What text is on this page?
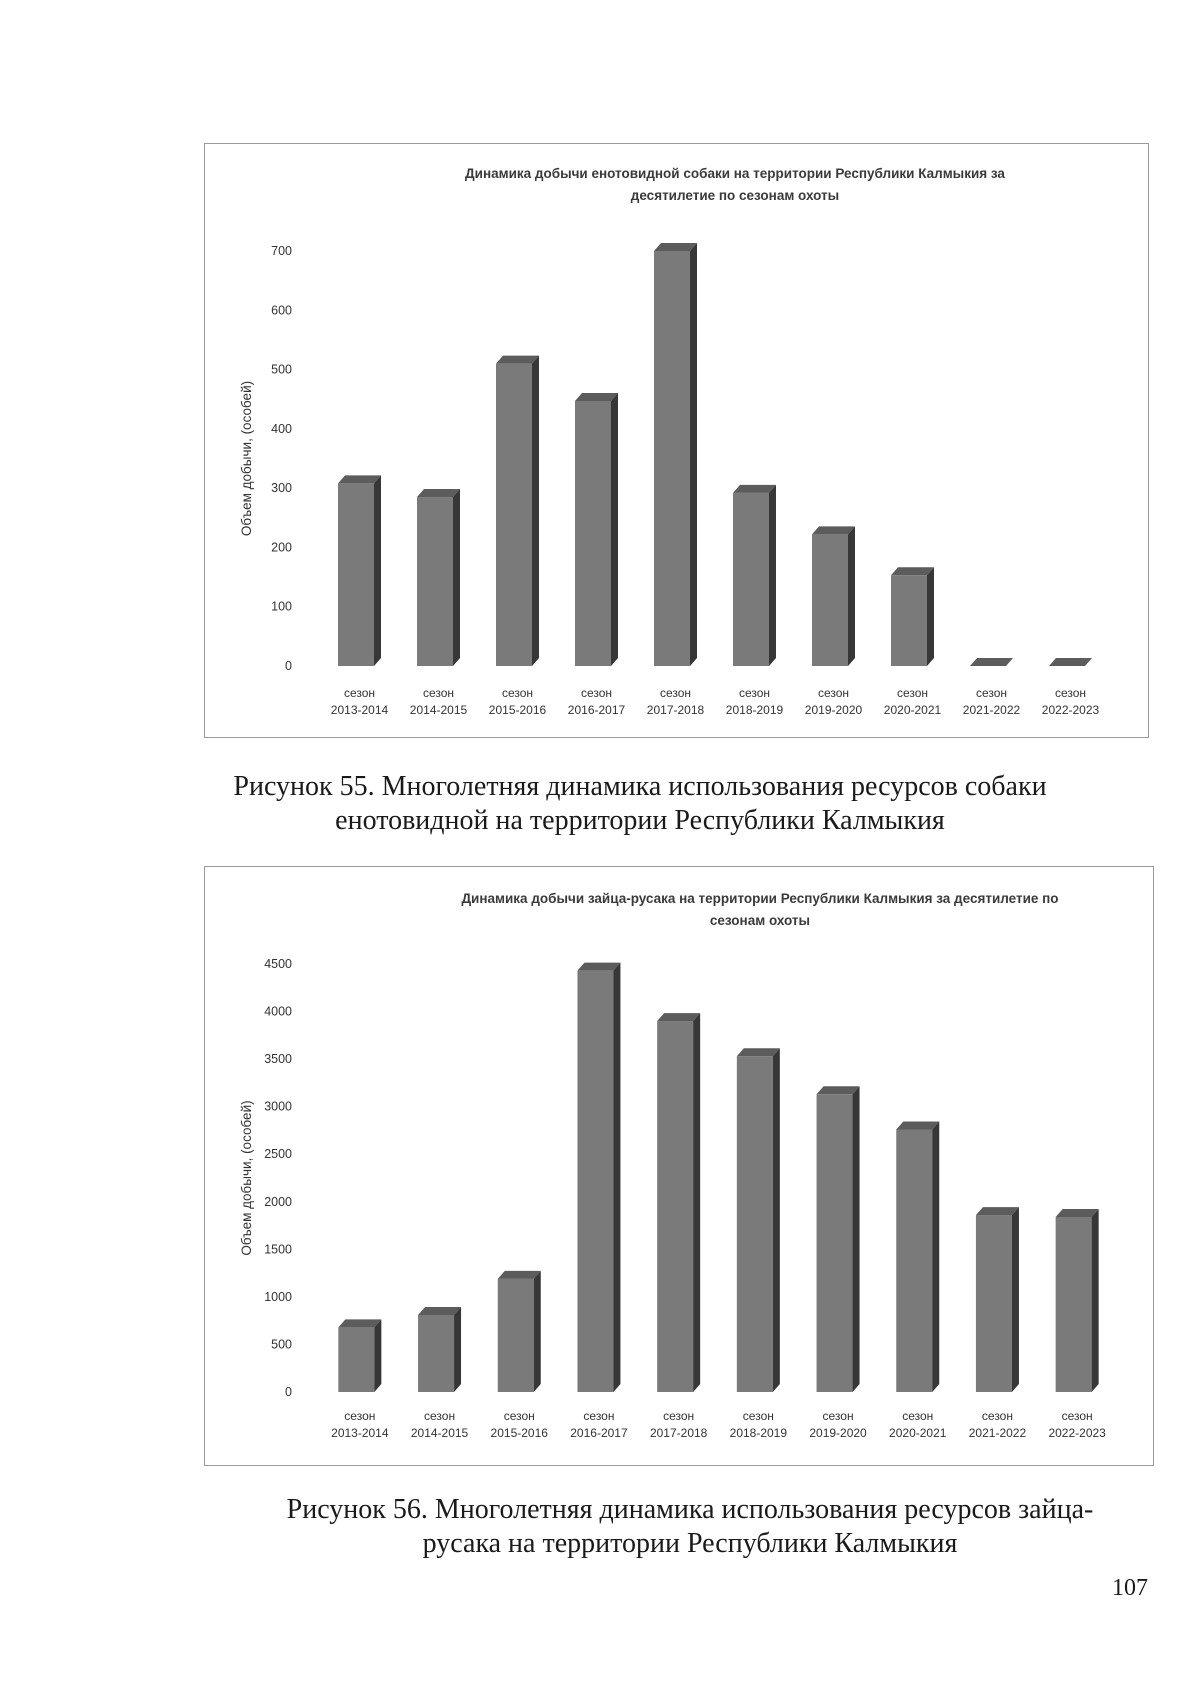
Динамика добычи енотовидной собаки на территории Республики Калмыкия за
десятилетие по сезонам охоты
Объем добычи, (особей)
0
100
200
300
400
500
600
700
сезон
2013-2014
сезон
2014-2015
сезон
2015-2016
сезон
2016-2017
сезон
2017-2018
сезон
2018-2019
сезон
2019-2020
сезон
2020-2021
сезон
2021-2022
сезон
2022-2023
Рисунок 55. Многолетняя динамика использования ресурсов собаки
енотовидной на территории Республики Калмыкия
Динамика добычи зайца-русака на территории Республики Калмыкия за десятилетие по
сезонам охоты
Объем добычи, (особей)
0
500
1000
1500
2000
2500
3000
3500
4000
4500
сезон
2013-2014
сезон
2014-2015
сезон
2015-2016
сезон
2016-2017
сезон
2017-2018
сезон
2018-2019
сезон
2019-2020
сезон
2020-2021
сезон
2021-2022
сезон
2022-2023
Рисунок 56. Многолетняя динамика использования ресурсов зайца-
русака на территории Республики Калмыкия
107
